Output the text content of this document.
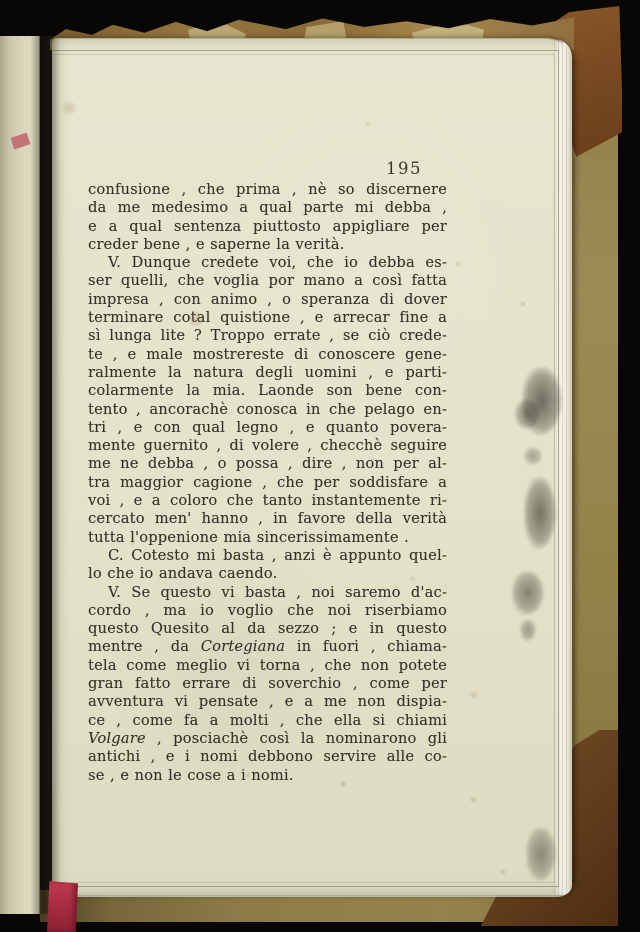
195
confusione , che prima , nè so discernere
da me medesimo a qual parte mi debba ,
e a qual sentenza piuttosto appigliare per
creder bene , e saperne la verità.
V. Dunque credete voi, che io debba es-
ser quelli, che voglia por mano a così fatta
impresa , con animo , o speranza di dover
terminare cotal quistione , e arrecar fine a
sì lunga lite ? Troppo errate , se ciò crede-
te , e male mostrereste di conoscere gene-
ralmente la natura degli uomini , e parti-
colarmente la mia. Laonde son bene con-
tento , ancorachè conosca in che pelago en-
tri , e con qual legno , e quanto povera-
mente guernito , di volere , checchè seguire
me ne debba , o possa , dire , non per al-
tra maggior cagione , che per soddisfare a
voi , e a coloro che tanto instantemente ri-
cercato men' hanno , in favore della verità
tutta l'oppenione mia sincerissimamente .
C. Cotesto mi basta , anzi è appunto quel-
lo che io andava caendo.
V. Se questo vi basta , noi saremo d'ac-
cordo , ma io voglio che noi riserbiamo
questo Quesito al da sezzo ; e in questo
mentre , da Cortegiana in fuori , chiama-
tela come meglio vi torna , che non potete
gran fatto errare di soverchio , come per
avventura vi pensate , e a me non dispia-
ce , come fa a molti , che ella si chiami
Volgare , posciachè così la nominarono gli
antichi , e i nomi debbono servire alle co-
se , e non le cose a i nomi.
